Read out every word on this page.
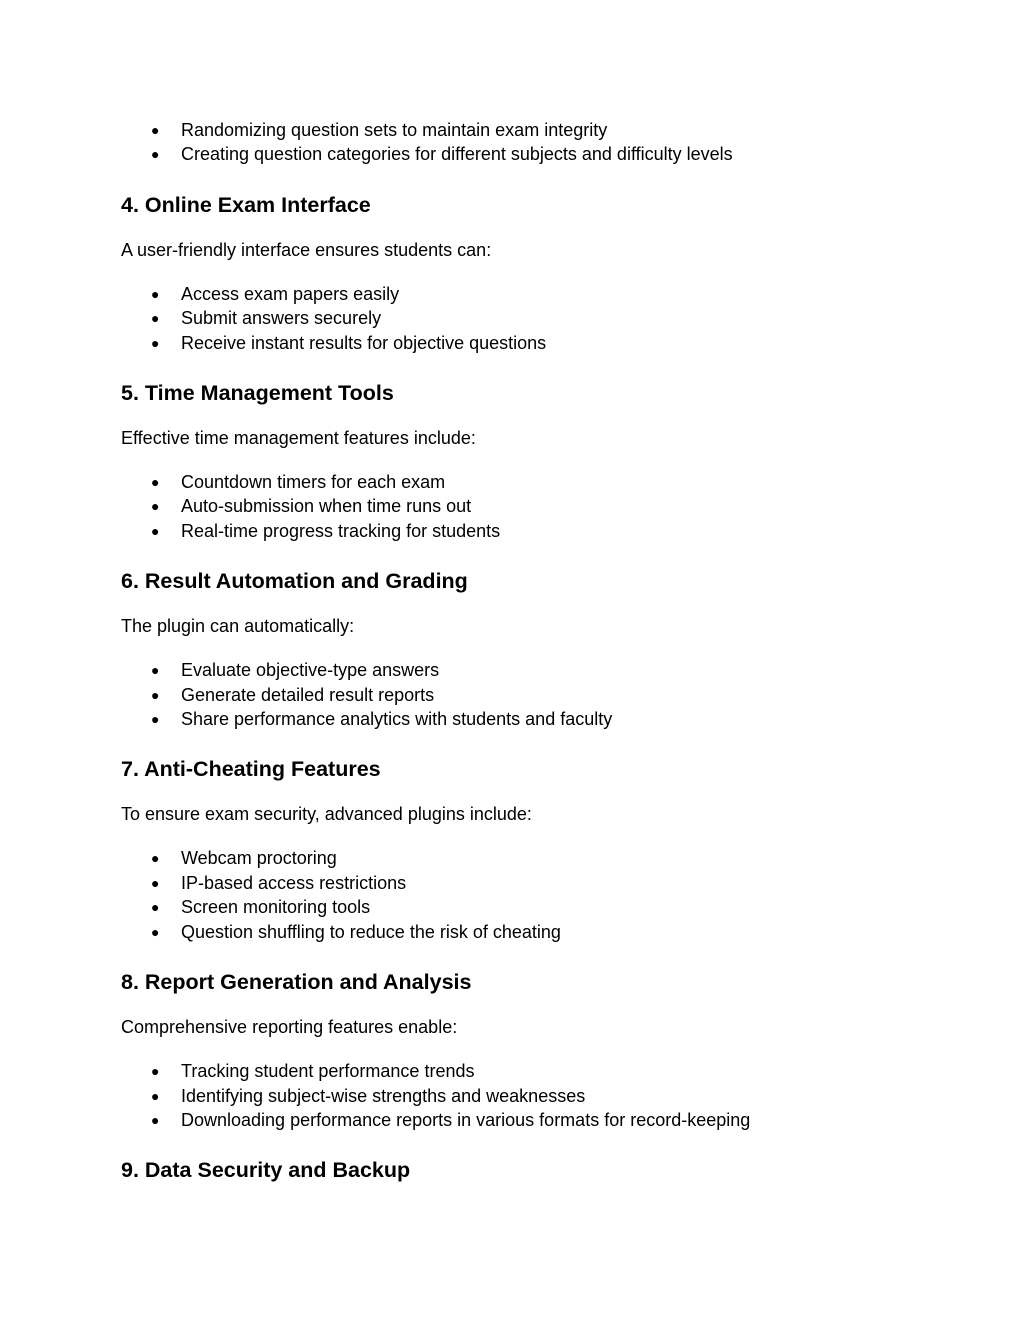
● Randomizing question sets to maintain exam integrity
● Creating question categories for different subjects and difficulty levels
4. Online Exam Interface

A user-friendly interface ensures students can:

● Access exam papers easily
● Submit answers securely
● Receive instant results for objective questions
5. Time Management Tools

Effective time management features include:

● Countdown timers for each exam
● Auto-submission when time runs out
● Real-time progress tracking for students
6. Result Automation and Grading

The plugin can automatically:

● Evaluate objective-type answers
● Generate detailed result reports
● Share performance analytics with students and faculty
7. Anti-Cheating Features

To ensure exam security, advanced plugins include:

● Webcam proctoring
● IP-based access restrictions
● Screen monitoring tools
● Question shuffling to reduce the risk of cheating
8. Report Generation and Analysis

Comprehensive reporting features enable:

● Tracking student performance trends
● Identifying subject-wise strengths and weaknesses
● Downloading performance reports in various formats for record-keeping
9. Data Security and Backup
